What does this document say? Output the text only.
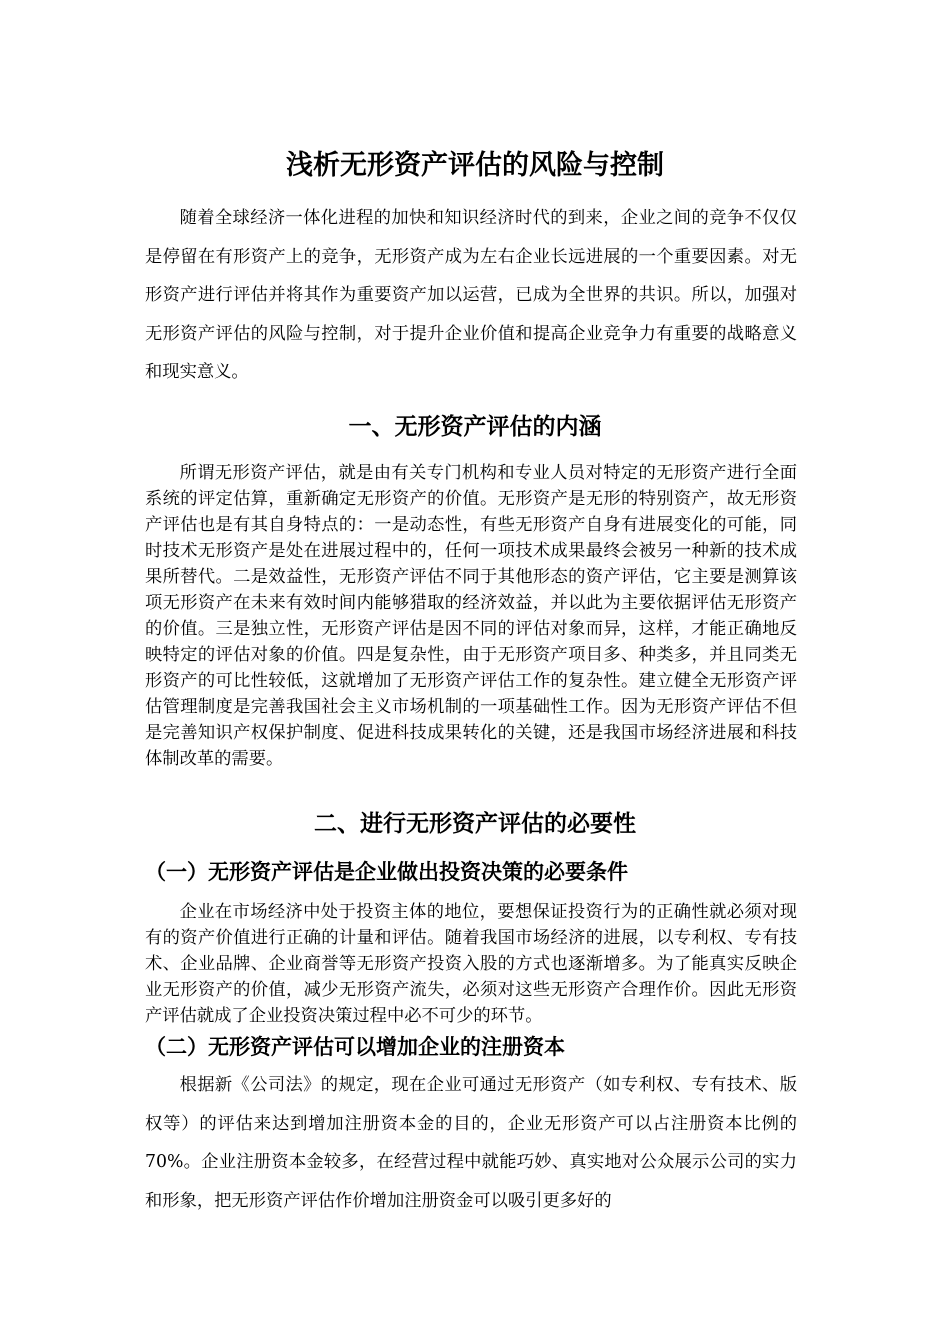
浅析无形资产评估的风险与控制

随着全球经济一体化进程的加快和知识经济时代的到来，企业之间的竞争不仅仅是停留在有形资产上的竞争，无形资产成为左右企业长远进展的一个重要因素。对无形资产进行评估并将其作为重要资产加以运营，已成为全世界的共识。所以，加强对无形资产评估的风险与控制，对于提升企业价值和提高企业竞争力有重要的战略意义和现实意义。

一、无形资产评估的内涵

所谓无形资产评估，就是由有关专门机构和专业人员对特定的无形资产进行全面系统的评定估算，重新确定无形资产的价值。无形资产是无形的特别资产，故无形资产评估也是有其自身特点的：一是动态性，有些无形资产自身有进展变化的可能，同时技术无形资产是处在进展过程中的，任何一项技术成果最终会被另一种新的技术成果所替代。二是效益性，无形资产评估不同于其他形态的资产评估，它主要是测算该项无形资产在未来有效时间内能够猎取的经济效益，并以此为主要依据评估无形资产的价值。三是独立性，无形资产评估是因不同的评估对象而异，这样，才能正确地反映特定的评估对象的价值。四是复杂性，由于无形资产项目多、种类多，并且同类无形资产的可比性较低，这就增加了无形资产评估工作的复杂性。建立健全无形资产评估管理制度是完善我国社会主义市场机制的一项基础性工作。因为无形资产评估不但是完善知识产权保护制度、促进科技成果转化的关键，还是我国市场经济进展和科技体制改革的需要。

二、进行无形资产评估的必要性
（一）无形资产评估是企业做出投资决策的必要条件

企业在市场经济中处于投资主体的地位，要想保证投资行为的正确性就必须对现有的资产价值进行正确的计量和评估。随着我国市场经济的进展，以专利权、专有技术、企业品牌、企业商誉等无形资产投资入股的方式也逐渐增多。为了能真实反映企业无形资产的价值，减少无形资产流失，必须对这些无形资产合理作价。因此无形资产评估就成了企业投资决策过程中必不可少的环节。

（二）无形资产评估可以增加企业的注册资本

根据新《公司法》的规定，现在企业可通过无形资产（如专利权、专有技术、版权等）的评估来达到增加注册资本金的目的，企业无形资产可以占注册资本比例的70%。企业注册资本金较多，在经营过程中就能巧妙、真实地对公众展示公司的实力和形象，把无形资产评估作价增加注册资金可以吸引更多好的
